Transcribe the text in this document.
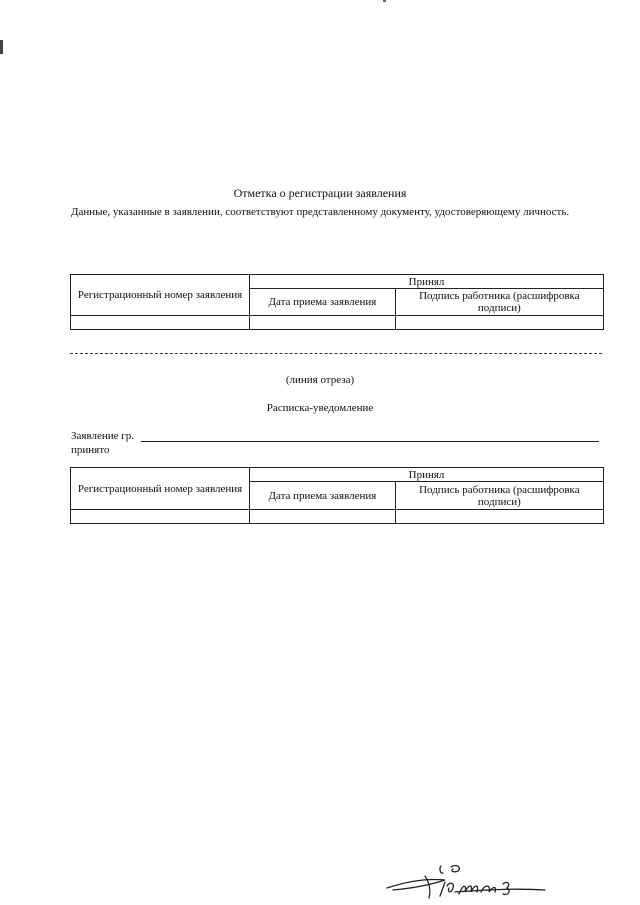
Отметка о регистрации заявления
Данные, указанные в заявлении, соответствуют представленному документу, удостоверяющему личность.
Регистрационный номер заявления	Принял	
	Дата приема заявления	Подпись работника (расшифровка подписи)

(линия отреза)
Расписка-уведомление
Заявление гр.
принято
Регистрационный номер заявления	Принял	
	Дата приема заявления	Подпись работника (расшифровка подписи)
